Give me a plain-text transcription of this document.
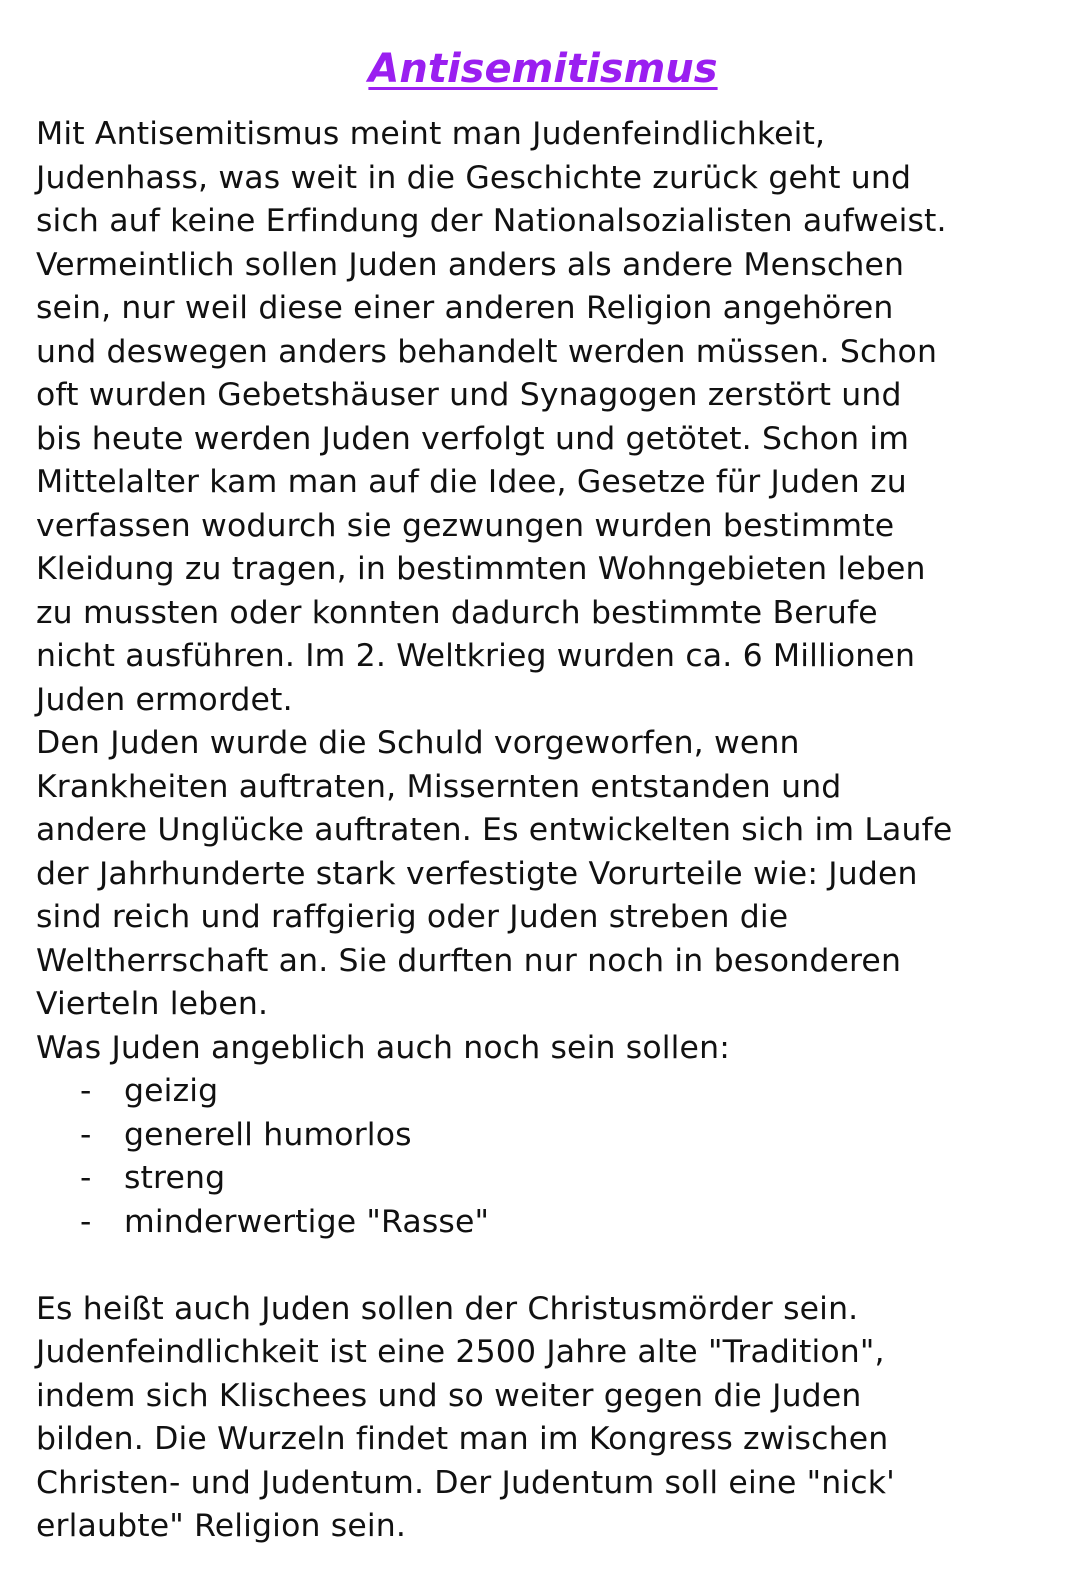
Antisemitismus
Mit Antisemitismus meint man Judenfeindlichkeit,
Judenhass, was weit in die Geschichte zurück geht und
sich auf keine Erfindung der Nationalsozialisten aufweist.
Vermeintlich sollen Juden anders als andere Menschen
sein, nur weil diese einer anderen Religion angehören
und deswegen anders behandelt werden müssen. Schon
oft wurden Gebetshäuser und Synagogen zerstört und
bis heute werden Juden verfolgt und getötet. Schon im
Mittelalter kam man auf die Idee, Gesetze für Juden zu
verfassen wodurch sie gezwungen wurden bestimmte
Kleidung zu tragen, in bestimmten Wohngebieten leben
zu mussten oder konnten dadurch bestimmte Berufe
nicht ausführen. Im 2. Weltkrieg wurden ca. 6 Millionen
Juden ermordet.
Den Juden wurde die Schuld vorgeworfen, wenn
Krankheiten auftraten, Missernten entstanden und
andere Unglücke auftraten. Es entwickelten sich im Laufe
der Jahrhunderte stark verfestigte Vorurteile wie: Juden
sind reich und raffgierig oder Juden streben die
Weltherrschaft an. Sie durften nur noch in besonderen
Vierteln leben.
Was Juden angeblich auch noch sein sollen:
- geizig
- generell humorlos
- streng
- minderwertige "Rasse"
Es heißt auch Juden sollen der Christusmörder sein.
Judenfeindlichkeit ist eine 2500 Jahre alte "Tradition",
indem sich Klischees und so weiter gegen die Juden
bilden. Die Wurzeln findet man im Kongress zwischen
Christen- und Judentum. Der Judentum soll eine "nick'
erlaubte" Religion sein.
